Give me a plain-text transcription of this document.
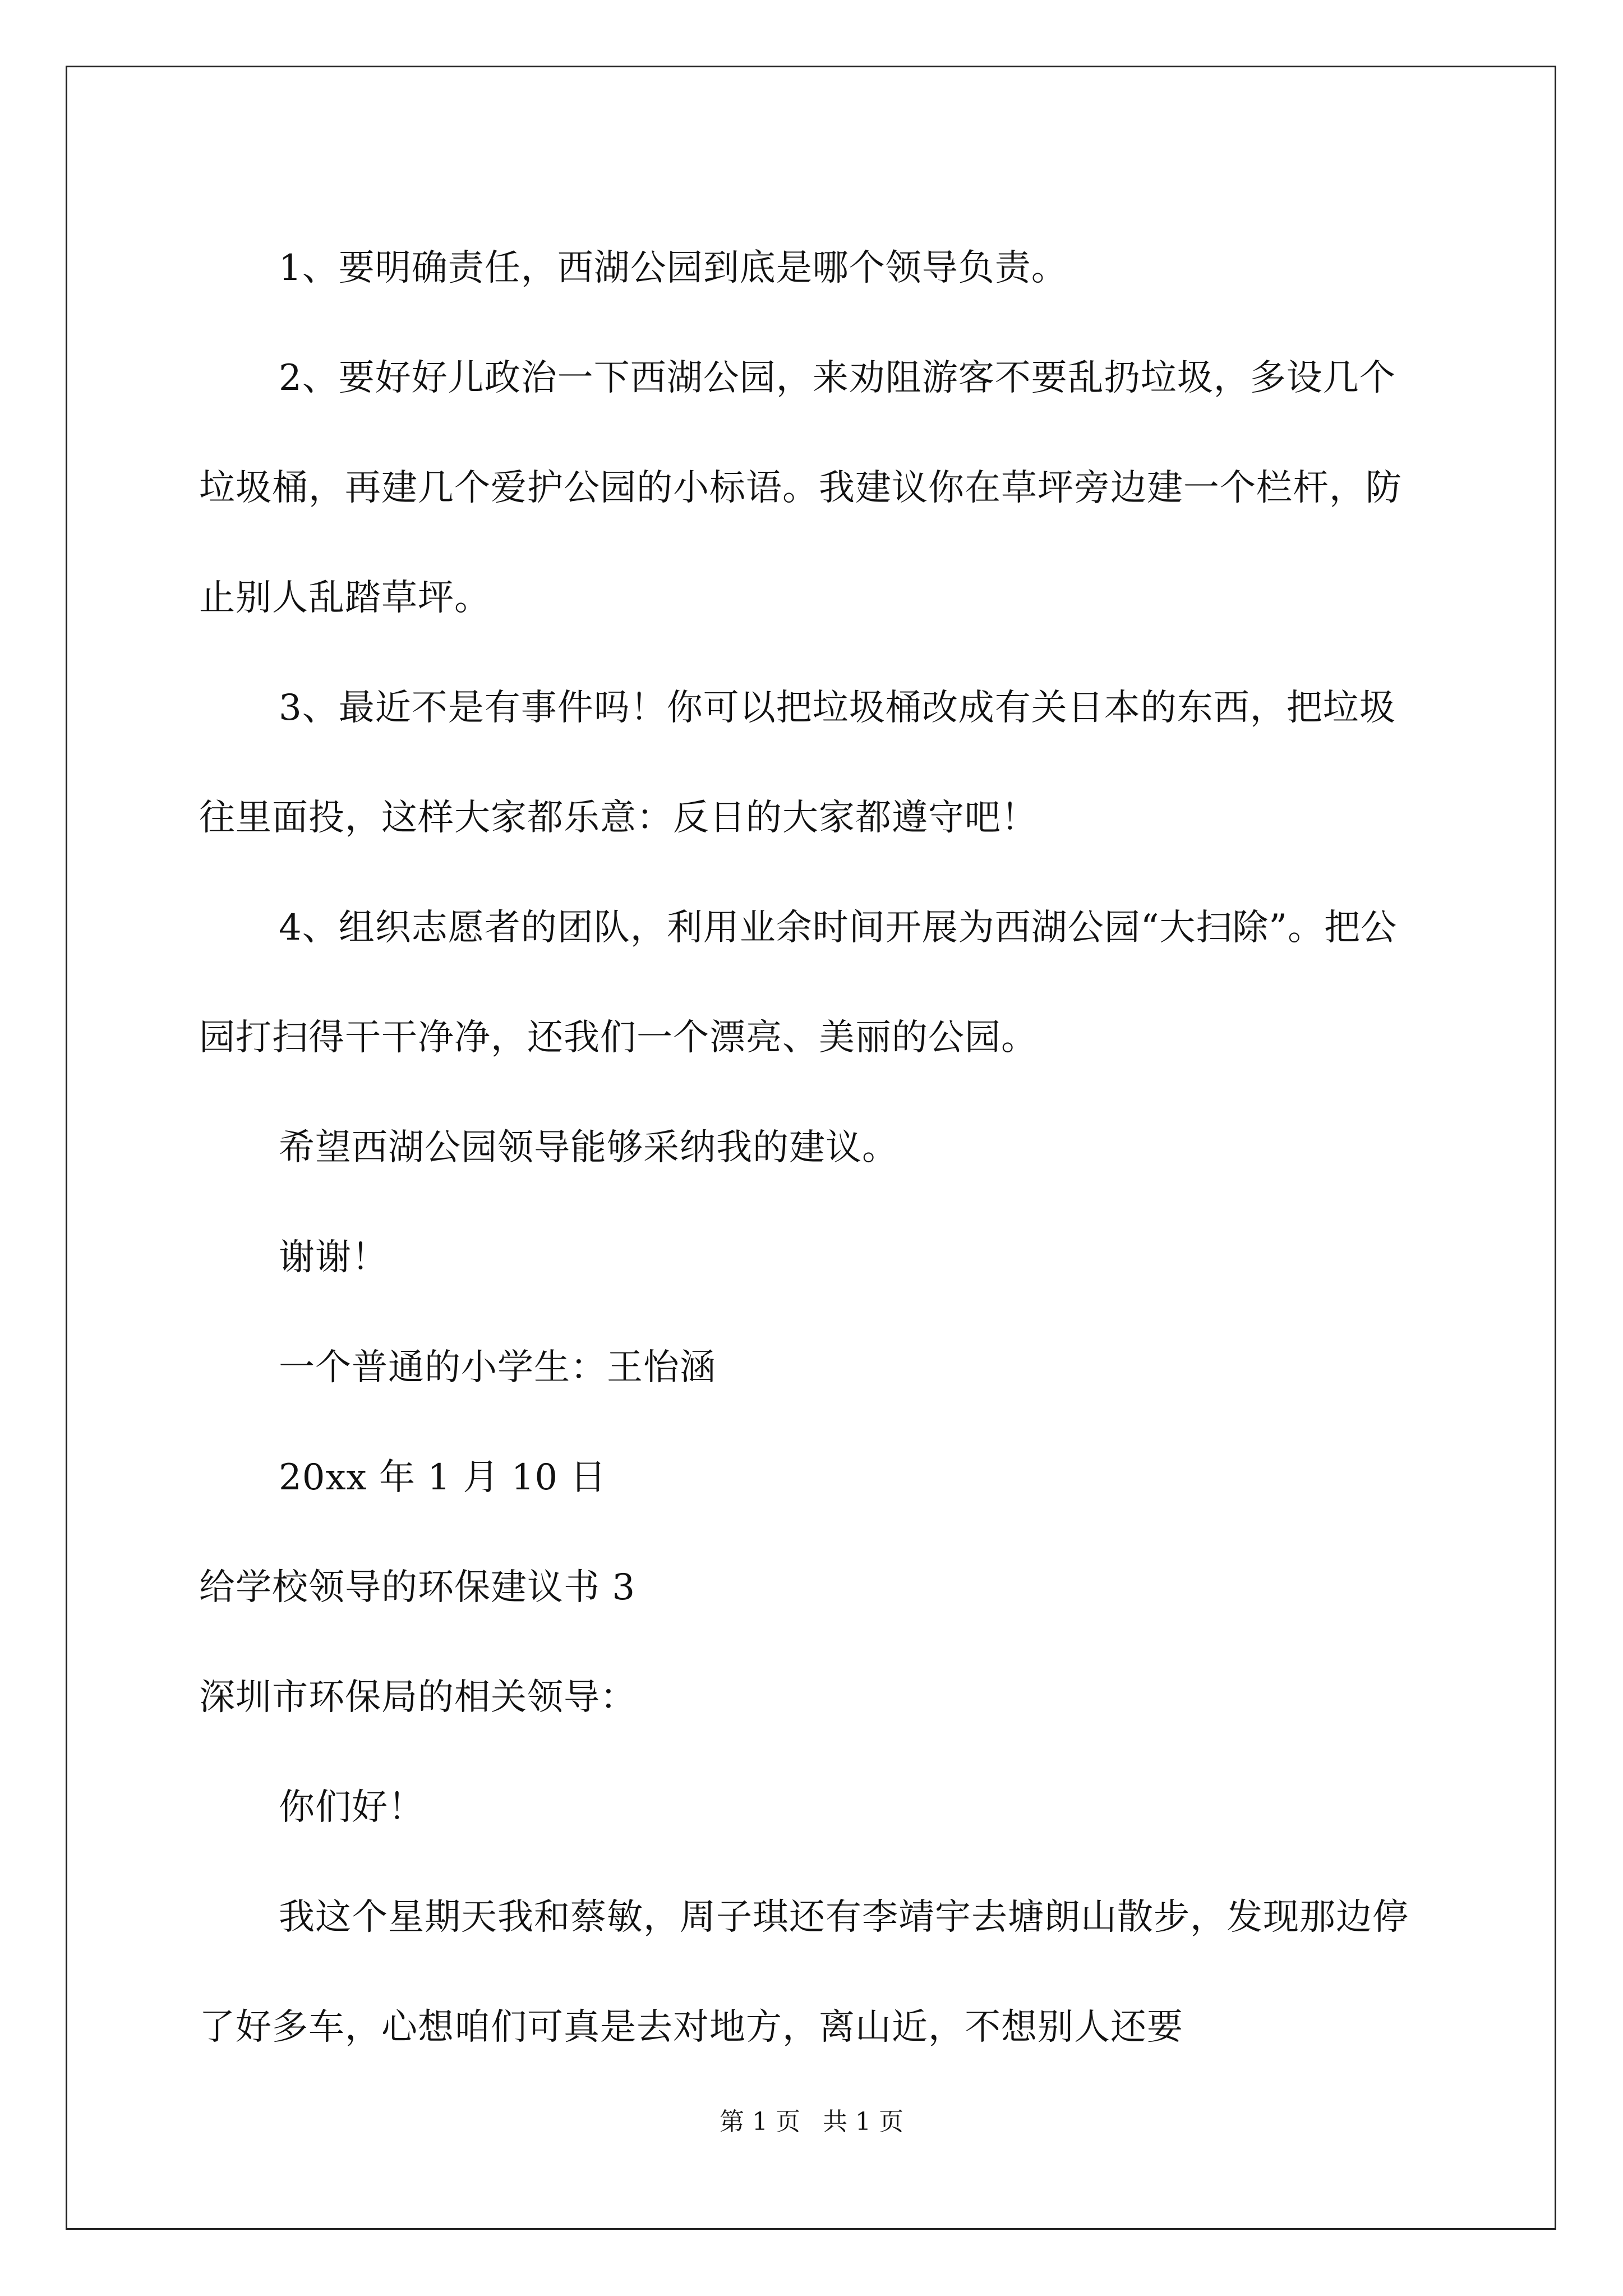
1、要明确责任，西湖公园到底是哪个领导负责。

2、要好好儿政治一下西湖公园，来劝阻游客不要乱扔垃圾，多设几个垃圾桶，再建几个爱护公园的小标语。我建议你在草坪旁边建一个栏杆，防止别人乱踏草坪。

3、最近不是有事件吗！你可以把垃圾桶改成有关日本的东西，把垃圾往里面投，这样大家都乐意：反日的大家都遵守吧！

4、组织志愿者的团队，利用业余时间开展为西湖公园“大扫除”。把公园打扫得干干净净，还我们一个漂亮、美丽的公园。

希望西湖公园领导能够采纳我的建议。

谢谢！

一个普通的小学生：王怡涵

20xx 年 1 月 10 日

给学校领导的环保建议书 3

深圳市环保局的相关领导：

你们好！

我这个星期天我和蔡敏，周子琪还有李靖宇去塘朗山散步，发现那边停了好多车，心想咱们可真是去对地方，离山近，不想别人还要

第 1 页 共 1 页
